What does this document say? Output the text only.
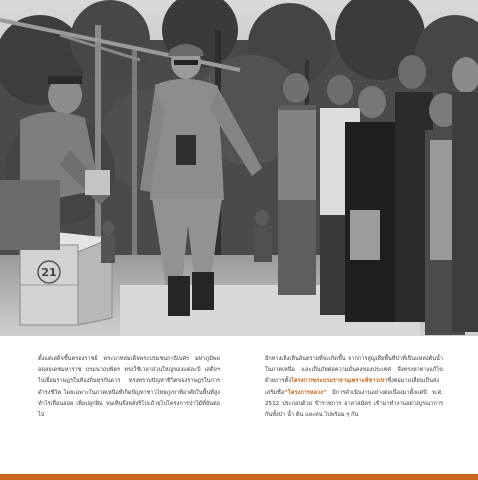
21
ตั้งแต่เสด็จขึ้นครองราชย์ พระบาทสมเด็จพระบรมชนกาธิเบศร มหาภูมิพลอดุลยเดชมหาราช บรมนาถบพิตร ทรงใช้เวลาส่วนใหญ่ของแต่ละปี เสด็จฯ ไปเยี่ยมราษฎรในท้องถิ่นทุรกันดาร ทรงทราบปัญหาชีวิตของราษฎรในการดำรงชีวิต โดยเฉพาะในภาคเหนือที่เกิดปัญหาชาวไทยภูเขาที่อาศัยในพื้นที่สูงทำไร่เลื่อนลอย เพื่อปลูกฝิ่น จนเห็นจึงหลั่งริโปะถ้ายไปโครงการป่าไม้ที่อันต่อไป
อีกทางเล็งเห็นอันตรายที่จะเกิดขึ้น จากการสูญเสียพื้นที่ป่าที่เป็นแหล่งต้นน้ำในภาคเหนือ และเป็นภัยต่อความมั่นคงของประเทศ จึงทรงหาทางแก้ไข ด้วยการตั้งโครงการพระบรมราชานุเคราะห์ชาวเขาซึ่งต่อมาเปลี่ยนเป็นส่งเสริมชื่อ“โครงการหลวง” มีการดำเนินงานอย่างต่อเนื่องมาตั้งแต่ปี พ.ศ. 2512 ประกอบด้วย ข้าราชการ อาสาสมัคร เข้ามาทำงานอย่างบูรณาการกันทั้งป่า น้ำ ดิน และคน ไปพร้อม ๆ กัน
